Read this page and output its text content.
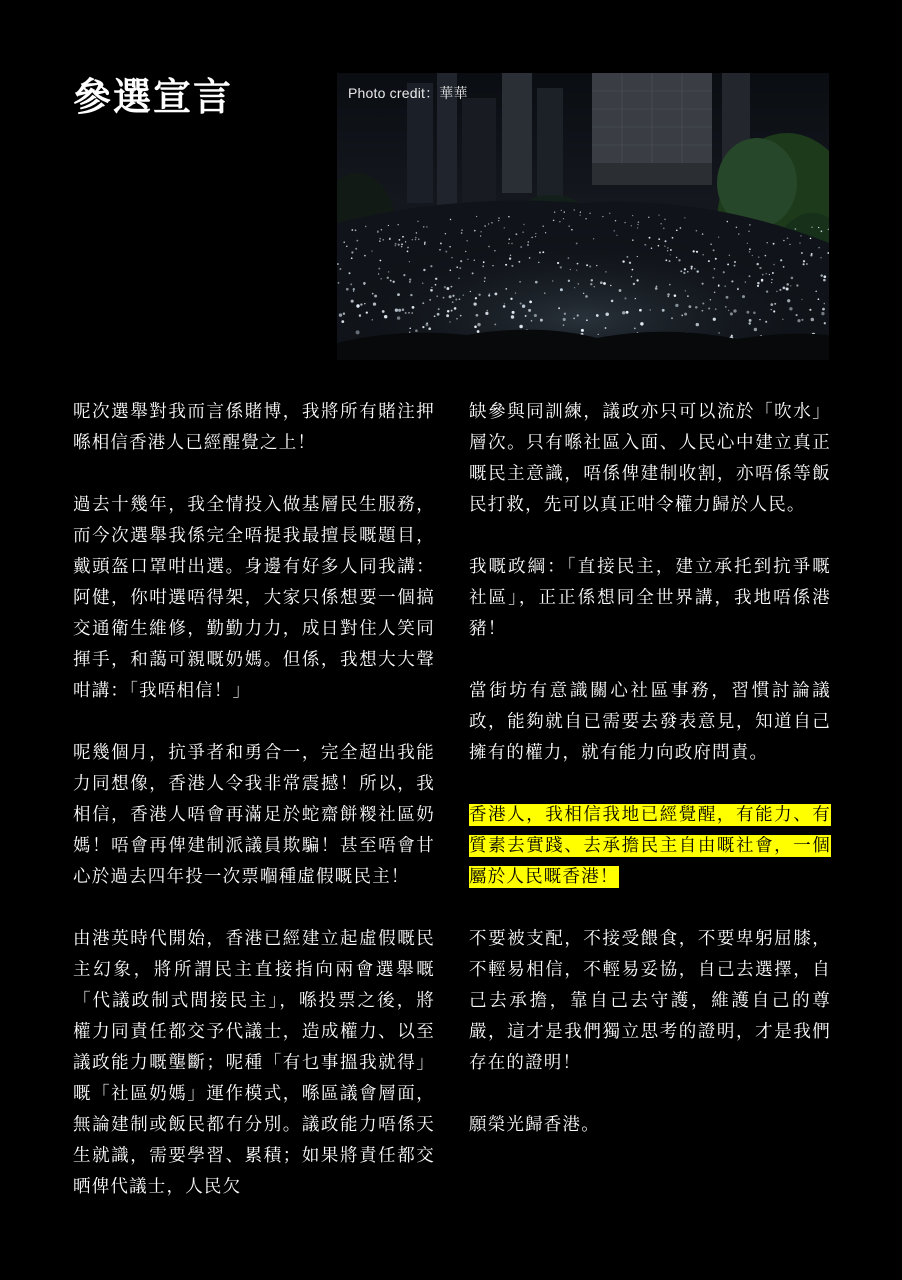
參選宣言	Photo credit：華華

呢次選舉對我而言係賭博，我將所有賭注押喺相信香港人已經醒覺之上！

過去十幾年，我全情投入做基層民生服務，而今次選舉我係完全唔提我最擅長嘅題目，戴頭盔口罩咁出選。身邊有好多人同我講：阿健，你咁選唔得架，大家只係想要一個搞交通衛生維修，勤勤力力，成日對住人笑同揮手，和藹可親嘅奶媽。但係，我想大大聲咁講：「我唔相信！」

呢幾個月，抗爭者和勇合一，完全超出我能力同想像，香港人令我非常震撼！所以，我相信，香港人唔會再滿足於蛇齋餅糉社區奶媽！唔會再俾建制派議員欺騙！甚至唔會甘心於過去四年投一次票嗰種虛假嘅民主！

由港英時代開始，香港已經建立起虛假嘅民主幻象，將所謂民主直接指向兩會選舉嘅「代議政制式間接民主」，喺投票之後，將權力同責任都交予代議士，造成權力、以至議政能力嘅壟斷；呢種「有乜事搵我就得」嘅「社區奶媽」運作模式，喺區議會層面，無論建制或飯民都冇分別。議政能力唔係天生就識，需要學習、累積；如果將責任都交晒俾代議士，人民欠

缺參與同訓練，議政亦只可以流於「吹水」層次。只有喺社區入面、人民心中建立真正嘅民主意識，唔係俾建制收割，亦唔係等飯民打救，先可以真正咁令權力歸於人民。

我嘅政綱：「直接民主，建立承托到抗爭嘅社區」，正正係想同全世界講，我地唔係港豬！

當街坊有意識關心社區事務，習慣討論議政，能夠就自已需要去發表意見，知道自己擁有的權力，就有能力向政府問責。

香港人，我相信我地已經覺醒，有能力、有質素去實踐、去承擔民主自由嘅社會，一個屬於人民嘅香港！

不要被支配，不接受餵食，不要卑躬屈膝，不輕易相信，不輕易妥協，自己去選擇，自己去承擔，靠自己去守護，維護自己的尊嚴，這才是我們獨立思考的證明，才是我們存在的證明！

願榮光歸香港。
